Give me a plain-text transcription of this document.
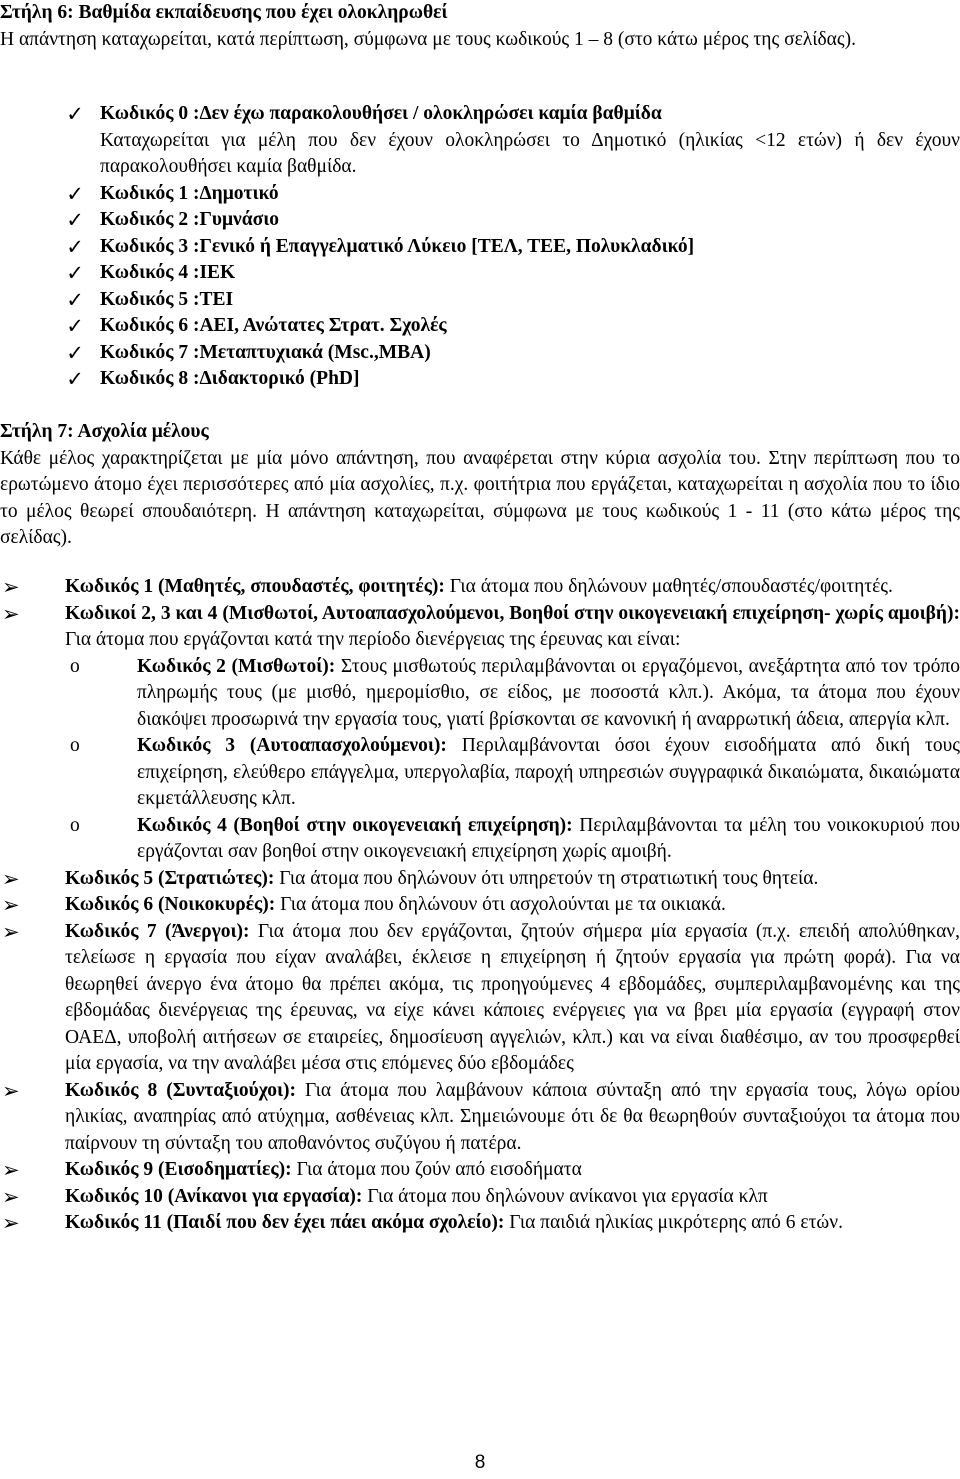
Στήλη 6: Βαθμίδα εκπαίδευσης που έχει ολοκληρωθεί

Η απάντηση καταχωρείται, κατά περίπτωση, σύμφωνα με τους κωδικούς 1 – 8 (στο κάτω μέρος της σελίδας).

✓ Κωδικός 0 :Δεν έχω παρακολουθήσει / ολοκληρώσει καμία βαθμίδα

Καταχωρείται για μέλη που δεν έχουν ολοκληρώσει το Δημοτικό (ηλικίας <12 ετών) ή δεν έχουν παρακολουθήσει καμία βαθμίδα.

✓ Κωδικός 1 :Δημοτικό

✓ Κωδικός 2 :Γυμνάσιο

✓ Κωδικός 3 :Γενικό ή Επαγγελματικό Λύκειο [ΤΕΛ, ΤΕΕ, Πολυκλαδικό]

✓ Κωδικός 4 :ΙΕΚ

✓ Κωδικός 5 :ΤΕΙ

✓ Κωδικός 6 :ΑΕΙ, Ανώτατες Στρατ. Σχολές

✓ Κωδικός 7 :Μεταπτυχιακά (Msc.,MBA)

✓ Κωδικός 8 :Διδακτορικό (PhD]

Στήλη 7: Ασχολία μέλους

Κάθε μέλος χαρακτηρίζεται με μία μόνο απάντηση, που αναφέρεται στην κύρια ασχολία του. Στην περίπτωση που το ερωτώμενο άτομο έχει περισσότερες από μία ασχολίες, π.χ. φοιτήτρια που εργάζεται, καταχωρείται η ασχολία που το ίδιο το μέλος θεωρεί σπουδαιότερη. Η απάντηση καταχωρείται, σύμφωνα με τους κωδικούς 1 - 11 (στο κάτω μέρος της σελίδας).

➢	Κωδικός 1 (Μαθητές, σπουδαστές, φοιτητές): Για άτομα που δηλώνουν μαθητές/σπουδαστές/φοιτητές.
➢	Κωδικοί 2, 3 και 4 (Μισθωτοί, Αυτοαπασχολούμενοι, Βοηθοί στην οικογενειακή επιχείρηση- χωρίς αμοιβή): Για άτομα που εργάζονται κατά την περίοδο διενέργειας της έρευνας και είναι:
o	Κωδικός 2 (Μισθωτοί): Στους μισθωτούς περιλαμβάνονται οι εργαζόμενοι, ανεξάρτητα από τον τρόπο πληρωμής τους (με μισθό, ημερομίσθιο, σε είδος, με ποσοστά κλπ.). Ακόμα, τα άτομα που έχουν διακόψει προσωρινά την εργασία τους, γιατί βρίσκονται σε κανονική ή αναρρωτική άδεια, απεργία κλπ.
o	Κωδικός 3 (Αυτοαπασχολούμενοι): Περιλαμβάνονται όσοι έχουν εισοδήματα από δική τους επιχείρηση, ελεύθερο επάγγελμα, υπεργολαβία, παροχή υπηρεσιών συγγραφικά δικαιώματα, δικαιώματα εκμετάλλευσης κλπ.
o	Κωδικός 4 (Βοηθοί στην οικογενειακή επιχείρηση): Περιλαμβάνονται τα μέλη του νοικοκυριού που εργάζονται σαν βοηθοί στην οικογενειακή επιχείρηση χωρίς αμοιβή.
➢	Κωδικός 5 (Στρατιώτες): Για άτομα που δηλώνουν ότι υπηρετούν τη στρατιωτική τους θητεία.
➢	Κωδικός 6 (Νοικοκυρές): Για άτομα που δηλώνουν ότι ασχολούνται με τα οικιακά.
➢	Κωδικός 7 (Άνεργοι): Για άτομα που δεν εργάζονται, ζητούν σήμερα μία εργασία (π.χ. επειδή απολύθηκαν, τελείωσε η εργασία που είχαν αναλάβει, έκλεισε η επιχείρηση ή ζητούν εργασία για πρώτη φορά). Για να θεωρηθεί άνεργο ένα άτομο θα πρέπει ακόμα, τις προηγούμενες 4 εβδομάδες, συμπεριλαμβανομένης και της εβδομάδας διενέργειας της έρευνας, να είχε κάνει κάποιες ενέργειες για να βρει μία εργασία (εγγραφή στον ΟΑΕΔ, υποβολή αιτήσεων σε εταιρείες, δημοσίευση αγγελιών, κλπ.) και να είναι διαθέσιμο, αν του προσφερθεί μία εργασία, να την αναλάβει μέσα στις επόμενες δύο εβδομάδες
➢	Κωδικός 8 (Συνταξιούχοι): Για άτομα που λαμβάνουν κάποια σύνταξη από την εργασία τους, λόγω ορίου ηλικίας, αναπηρίας από ατύχημα, ασθένειας κλπ. Σημειώνουμε ότι δε θα θεωρηθούν συνταξιούχοι τα άτομα που παίρνουν τη σύνταξη του αποθανόντος συζύγου ή πατέρα.
➢	Κωδικός 9 (Εισοδηματίες): Για άτομα που ζούν από εισοδήματα
➢	Κωδικός 10 (Ανίκανοι για εργασία): Για άτομα που δηλώνουν ανίκανοι για εργασία κλπ
➢	Κωδικός 11 (Παιδί που δεν έχει πάει ακόμα σχολείο): Για παιδιά ηλικίας μικρότερης από 6 ετών.
8
